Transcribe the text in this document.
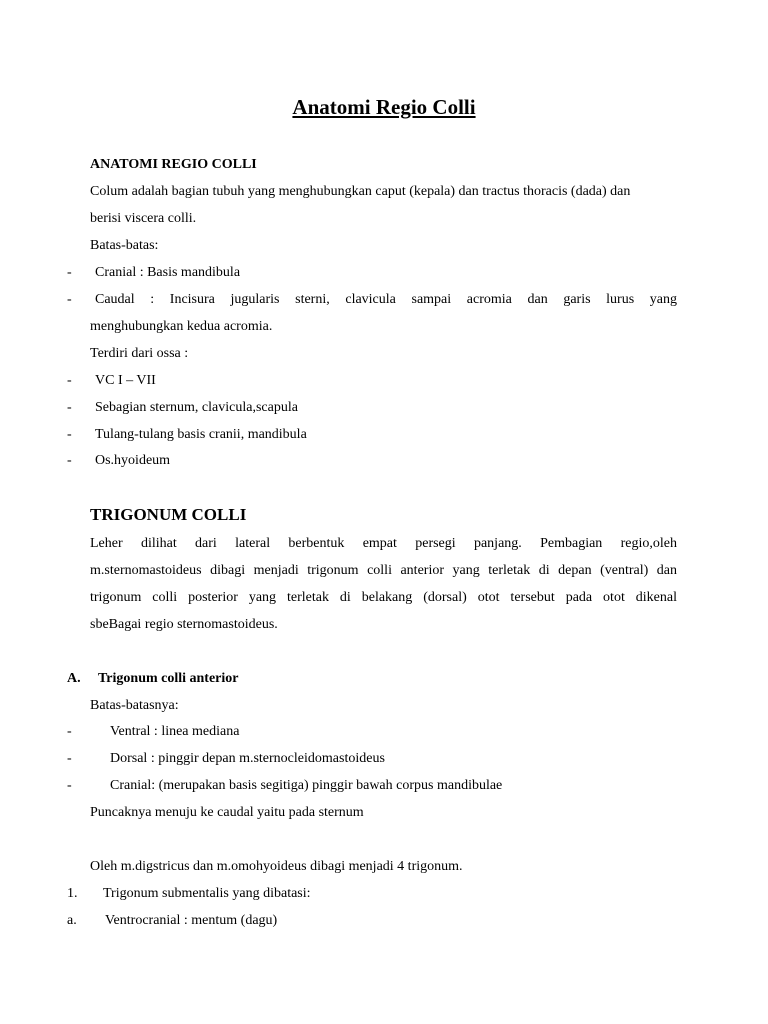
Anatomi Regio Colli
ANATOMI REGIO COLLI
Colum adalah bagian tubuh yang menghubungkan caput (kepala) dan tractus thoracis (dada) dan
berisi viscera colli.
Batas-batas:
- Cranial : Basis mandibula
- Caudal : Incisura jugularis sterni, clavicula sampai acromia dan garis lurus yang
menghubungkan kedua acromia.
Terdiri dari ossa :
- VC I – VII
- Sebagian sternum, clavicula,scapula
- Tulang-tulang basis cranii, mandibula
- Os.hyoideum
TRIGONUM COLLI
Leher dilihat dari lateral berbentuk empat persegi panjang. Pembagian regio,oleh
m.sternomastoideus dibagi menjadi trigonum colli anterior yang terletak di depan (ventral) dan
trigonum colli posterior yang terletak di belakang (dorsal) otot tersebut pada otot dikenal
sbeBagai regio sternomastoideus.
A. Trigonum colli anterior
Batas-batasnya:
-	Ventral : linea mediana
-	Dorsal : pinggir depan m.sternocleidomastoideus
-	Cranial: (merupakan basis segitiga) pinggir bawah corpus mandibulae
Puncaknya menuju ke caudal yaitu pada sternum
Oleh m.digstricus dan m.omohyoideus dibagi menjadi 4 trigonum.
1. Trigonum submentalis yang dibatasi:
a. Ventrocranial : mentum (dagu)
